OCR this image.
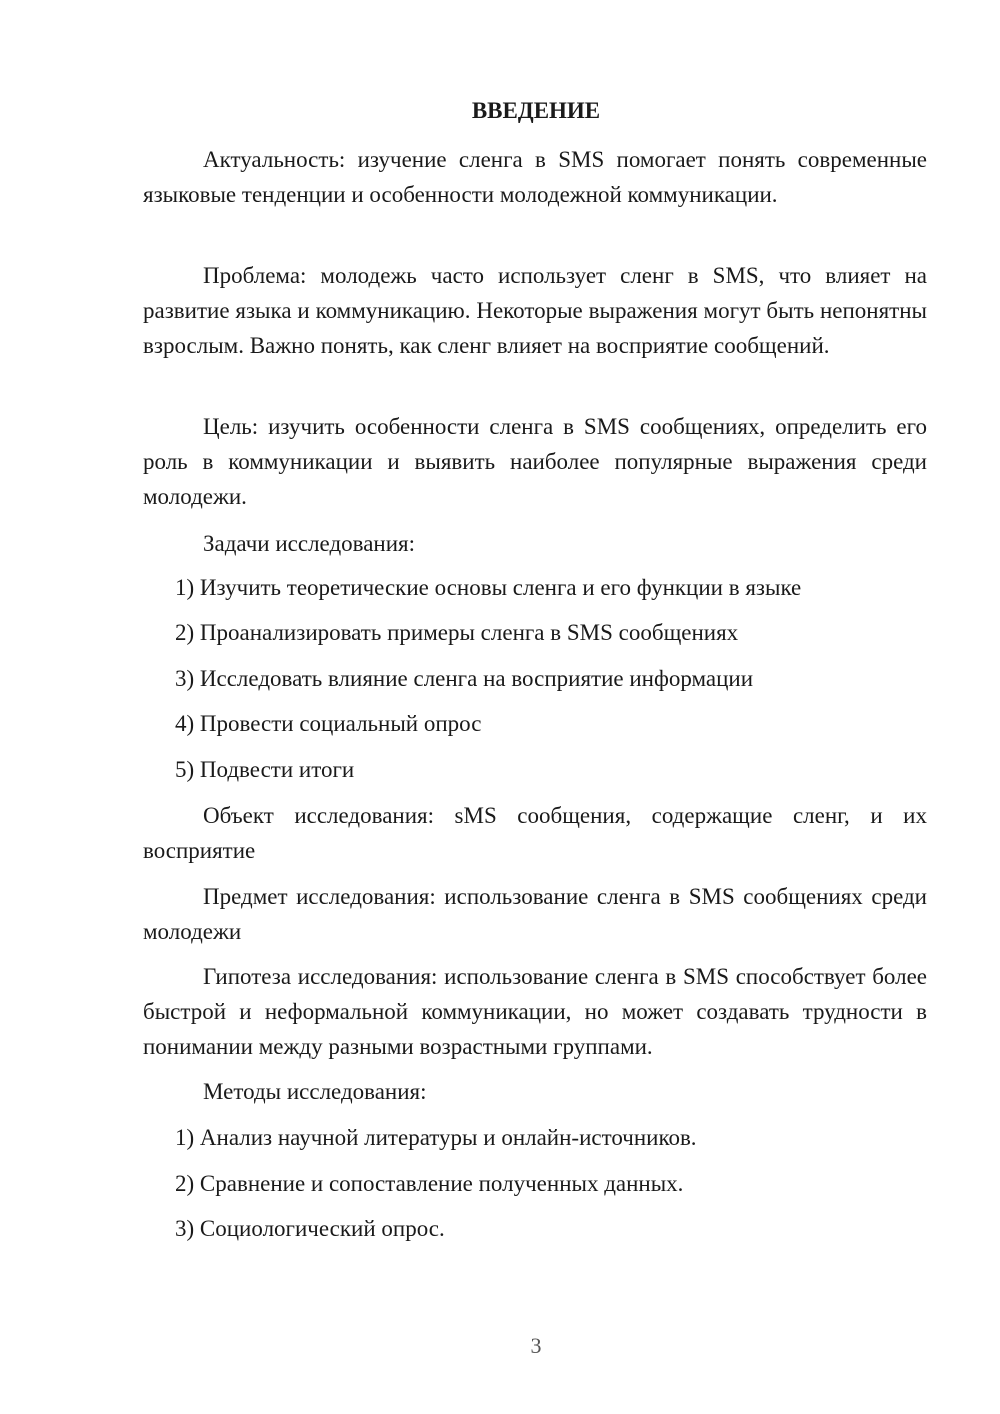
ВВЕДЕНИЕ

Актуальность: изучение сленга в SMS помогает понять современные языковые тенденции и особенности молодежной коммуникации.

Проблема: молодежь часто использует сленг в SMS, что влияет на развитие языка и коммуникацию. Некоторые выражения могут быть непонятны взрослым. Важно понять, как сленг влияет на восприятие сообщений.

Цель: изучить особенности сленга в SMS сообщениях, определить его роль в коммуникации и выявить наиболее популярные выражения среди молодежи.

Задачи исследования:

1) Изучить теоретические основы сленга и его функции в языке
2) Проанализировать примеры сленга в SMS сообщениях
3) Исследовать влияние сленга на восприятие информации
4) Провести социальный опрос
5) Подвести итоги

Объект исследования: sMS сообщения, содержащие сленг, и их восприятие

Предмет исследования: использование сленга в SMS сообщениях среди молодежи

Гипотеза исследования: использование сленга в SMS способствует более быстрой и неформальной коммуникации, но может создавать трудности в понимании между разными возрастными группами.

Методы исследования:

1) Анализ научной литературы и онлайн-источников.
2) Сравнение и сопоставление полученных данных.
3) Социологический опрос.
3
